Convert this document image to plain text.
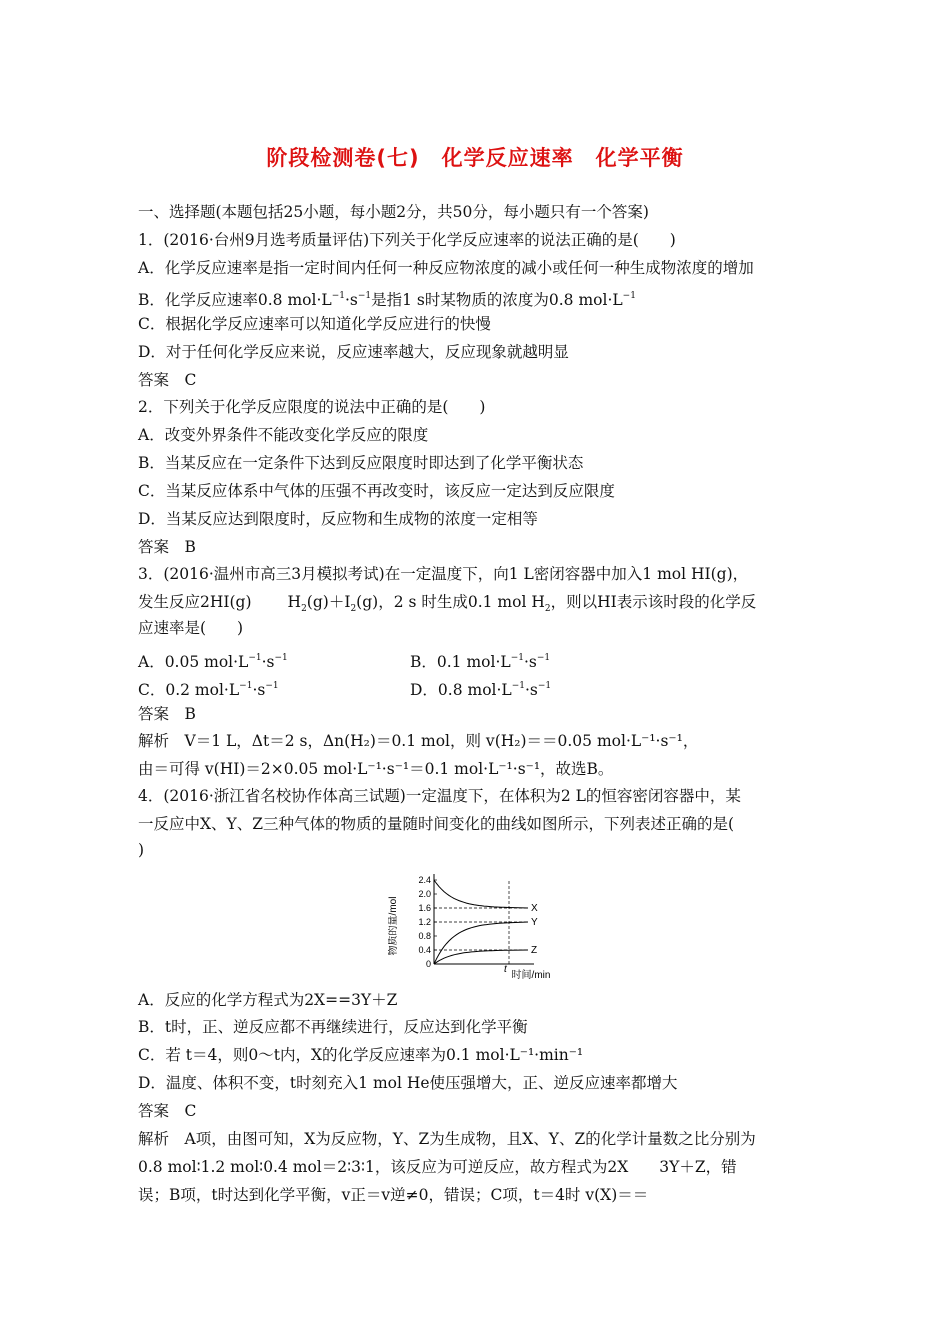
阶段检测卷(七)　化学反应速率　化学平衡
一、选择题(本题包括25小题，每小题2分，共50分，每小题只有一个答案)
1．(2016·台州9月选考质量评估)下列关于化学反应速率的说法正确的是(　　)
A．化学反应速率是指一定时间内任何一种反应物浓度的减小或任何一种生成物浓度的增加
B．化学反应速率0.8 $mol\cdot L^{-1}\cdot s^{-1}$是指1 s时某物质的浓度为0.8 $mol\cdot L^{-1}$
C．根据化学反应速率可以知道化学反应进行的快慢
D．对于任何化学反应来说，反应速率越大，反应现象就越明显
答案　C
2．下列关于化学反应限度的说法中正确的是(　　)
A．改变外界条件不能改变化学反应的限度
B．当某反应在一定条件下达到反应限度时即达到了化学平衡状态
C．当某反应体系中气体的压强不再改变时，该反应一定达到反应限度
D．当某反应达到限度时，反应物和生成物的浓度一定相等
答案　B
3．(2016·温州市高三3月模拟考试)在一定温度下，向1 L密闭容器中加入1 mol HI(g)，
发生反应2HI(g) $H_2(g)+I_2(g)$，2 s 时生成0.1 mol $H_2$，则以HI表示该时段的化学反
应速率是(　　)
A．0.05 $mol\cdot L^{-1}\cdot s^{-1}$	B．0.1 $mol\cdot L^{-1}\cdot s^{-1}$
C．0.2 $mol\cdot L^{-1}\cdot s^{-1}$	D．0.8 $mol\cdot L^{-1}\cdot s^{-1}$
答案　B
解析　V＝1 L，Δt＝2 s，Δn(H₂)＝0.1 mol，则 v(H₂)＝＝0.05 mol·L⁻¹·s⁻¹，
由＝可得 v(HI)＝2×0.05 mol·L⁻¹·s⁻¹＝0.1 mol·L⁻¹·s⁻¹，故选B。
4．(2016·浙江省名校协作体高三试题)一定温度下，在体积为2 L的恒容密闭容器中，某
一反应中X、Y、Z三种气体的物质的量随时间变化的曲线如图所示，下列表述正确的是(
)
0
0.4
0.8
1.2
1.6
2.0
2.4
X
Y
Z
物质的量/mol
时间/min
t
A．反应的化学方程式为2X==3Y＋Z
B．t时，正、逆反应都不再继续进行，反应达到化学平衡
C．若 t＝4，则0～t内，X的化学反应速率为0.1 mol·L⁻¹·min⁻¹
D．温度、体积不变，t时刻充入1 mol He使压强增大，正、逆反应速率都增大
答案　C
解析　A项，由图可知，X为反应物，Y、Z为生成物，且X、Y、Z的化学计量数之比分别为
0.8 mol∶1.2 mol∶0.4 mol＝2∶3∶1，该反应为可逆反应，故方程式为2X　　3Y＋Z，错
误；B项，t时达到化学平衡，v正＝v逆≠0，错误；C项，t＝4时 v(X)＝＝
